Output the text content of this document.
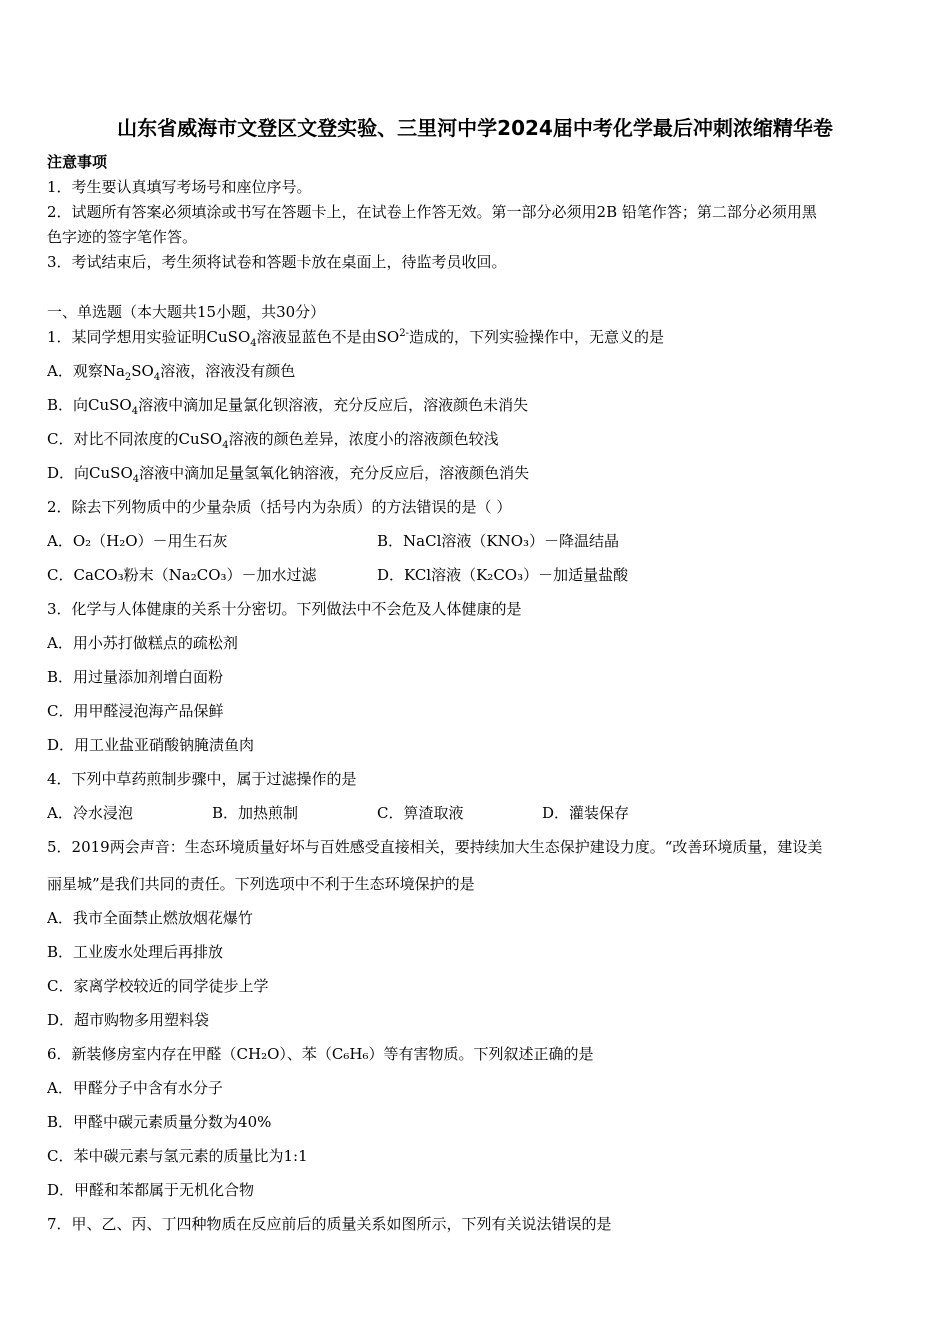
山东省威海市文登区文登实验、三里河中学2024届中考化学最后冲刺浓缩精华卷
注意事项
1．考生要认真填写考场号和座位序号。
2．试题所有答案必须填涂或书写在答题卡上，在试卷上作答无效。第一部分必须用2B 铅笔作答；第二部分必须用黑
色字迹的签字笔作答。
3．考试结束后，考生须将试卷和答题卡放在桌面上，待监考员收回。
一、单选题（本大题共15小题，共30分）
1．某同学想用实验证明CuSO$_4$溶液显蓝色不是由$SO^{2-}$造成的，下列实验操作中，无意义的是
A．观察$Na_2SO_4$溶液，溶液没有颜色
B．向CuSO$_4$溶液中滴加足量氯化钡溶液，充分反应后，溶液颜色未消失
C．对比不同浓度的CuSO$_4$溶液的颜色差异，浓度小的溶液颜色较浅
D．向CuSO$_4$溶液中滴加足量氢氧化钠溶液，充分反应后，溶液颜色消失
2．除去下列物质中的少量杂质（括号内为杂质）的方法错误的是（ ）
A．O₂（H₂O）－用生石灰	B．NaCl溶液（KNO₃）－降温结晶
C．CaCO₃粉末（Na₂CO₃）－加水过滤	D．KCl溶液（K₂CO₃）－加适量盐酸
3．化学与人体健康的关系十分密切。下列做法中不会危及人体健康的是
A．用小苏打做糕点的疏松剂
B．用过量添加剂增白面粉
C．用甲醛浸泡海产品保鲜
D．用工业盐亚硝酸钠腌渍鱼肉
4．下列中草药煎制步骤中，属于过滤操作的是
A．冷水浸泡	B．加热煎制	C．箅渣取液	D．灌装保存
5．2019两会声音：生态环境质量好坏与百姓感受直接相关，要持续加大生态保护建设力度。“改善环境质量，建设美
丽星城”是我们共同的责任。下列选项中不利于生态环境保护的是
A．我市全面禁止燃放烟花爆竹
B．工业废水处理后再排放
C．家离学校较近的同学徒步上学
D．超市购物多用塑料袋
6．新装修房室内存在甲醛（CH₂O）、苯（C₆H₆）等有害物质。下列叙述正确的是
A．甲醛分子中含有水分子
B．甲醛中碳元素质量分数为40%
C．苯中碳元素与氢元素的质量比为1:1
D．甲醛和苯都属于无机化合物
7．甲、乙、丙、丁四种物质在反应前后的质量关系如图所示，下列有关说法错误的是
